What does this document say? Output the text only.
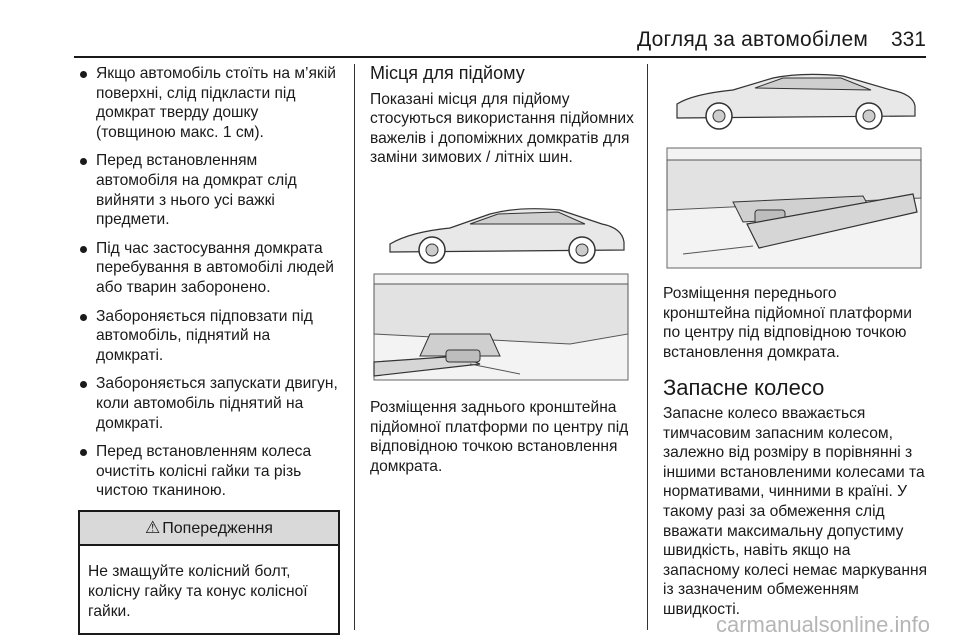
Догляд за автомобілем 331
Якщо автомобіль стоїть на м’якій поверхні, слід підкласти під домкрат тверду дошку (товщиною макс. 1 см).
Перед встановленням автомобіля на домкрат слід вийняти з нього усі важкі предмети.
Під час застосування домкрата перебування в автомобілі людей або тварин заборонено.
Забороняється підповзати під автомобіль, піднятий на домкраті.
Забороняється запускати двигун, коли автомобіль піднятий на домкраті.
Перед встановленням колеса очистіть колісні гайки та різь чистою тканиною.
⚠ Попередження
Не змащуйте колісний болт, колісну гайку та конус колісної гайки.
Місця для підйому

Показані місця для підйому стосуються використання підйомних важелів і допоміжних домкратів для заміни зимових / літніх шин.

Розміщення заднього кронштейна підйомної платформи по центру під відповідною точкою встановлення домкрата.

Розміщення переднього кронштейна підйомної платформи по центру під відповідною точкою встановлення домкрата.

Запасне колесо

Запасне колесо вважається тимчасовим запасним колесом, залежно від розміру в порівнянні з іншими встановленими колесами та нормативами, чинними в країні. У такому разі за обмеження слід вважати максимальну допустиму швидкість, навіть якщо на запасному колесі немає маркування із зазначеним обмеженням швидкості.

carmanualsonline.info
